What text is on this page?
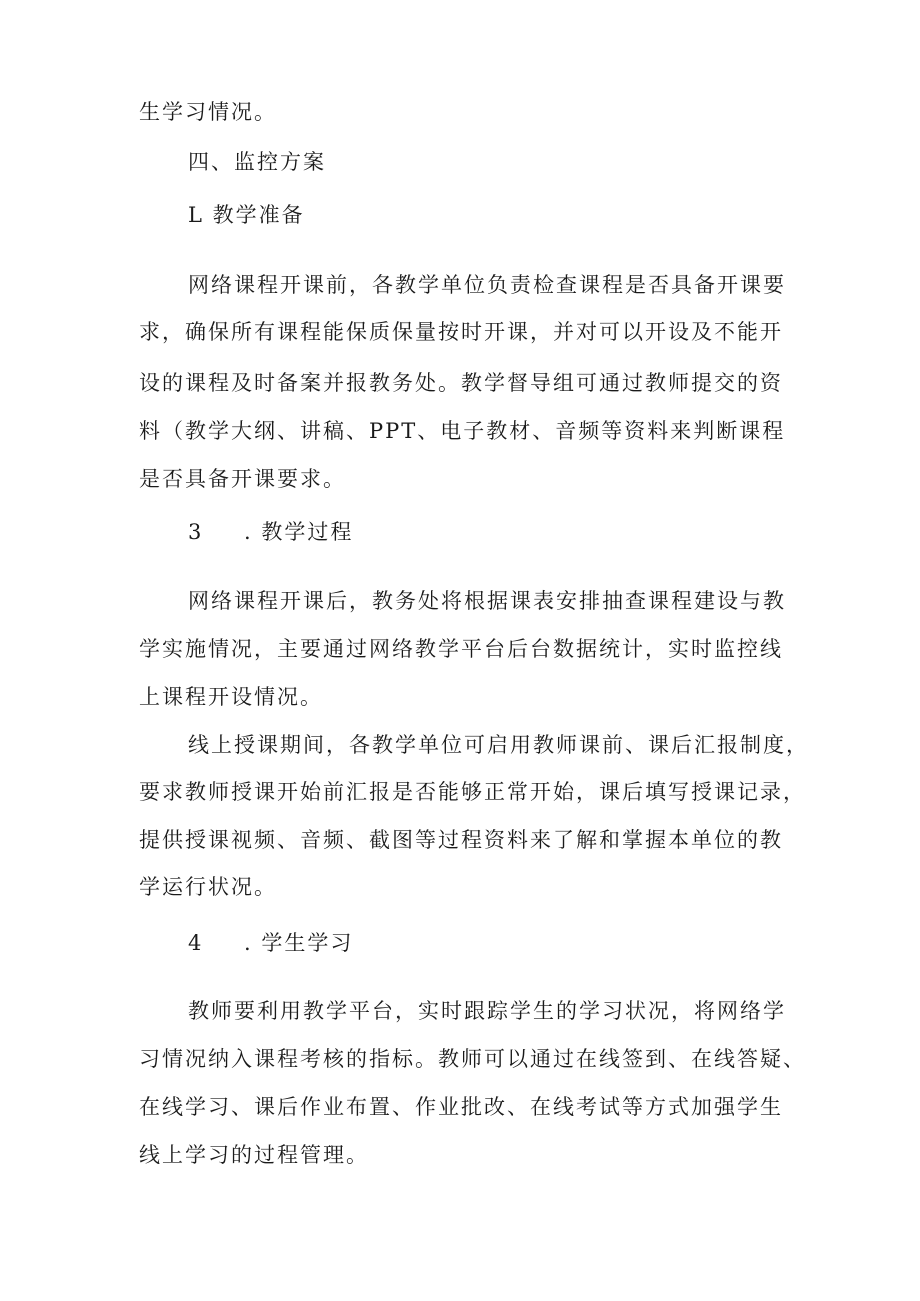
生学习情况。
四、监控方案
L 教学准备
网络课程开课前，各教学单位负责检查课程是否具备开课要
求，确保所有课程能保质保量按时开课，并对可以开设及不能开
设的课程及时备案并报教务处。教学督导组可通过教师提交的资
料（教学大纲、讲稿、PPT、电子教材、音频等资料来判断课程
是否具备开课要求。
3 . 教学过程
网络课程开课后，教务处将根据课表安排抽查课程建设与教
学实施情况，主要通过网络教学平台后台数据统计，实时监控线
上课程开设情况。
线上授课期间，各教学单位可启用教师课前、课后汇报制度，
要求教师授课开始前汇报是否能够正常开始，课后填写授课记录，
提供授课视频、音频、截图等过程资料来了解和掌握本单位的教
学运行状况。
4 . 学生学习
教师要利用教学平台，实时跟踪学生的学习状况，将网络学
习情况纳入课程考核的指标。教师可以通过在线签到、在线答疑、
在线学习、课后作业布置、作业批改、在线考试等方式加强学生
线上学习的过程管理。
